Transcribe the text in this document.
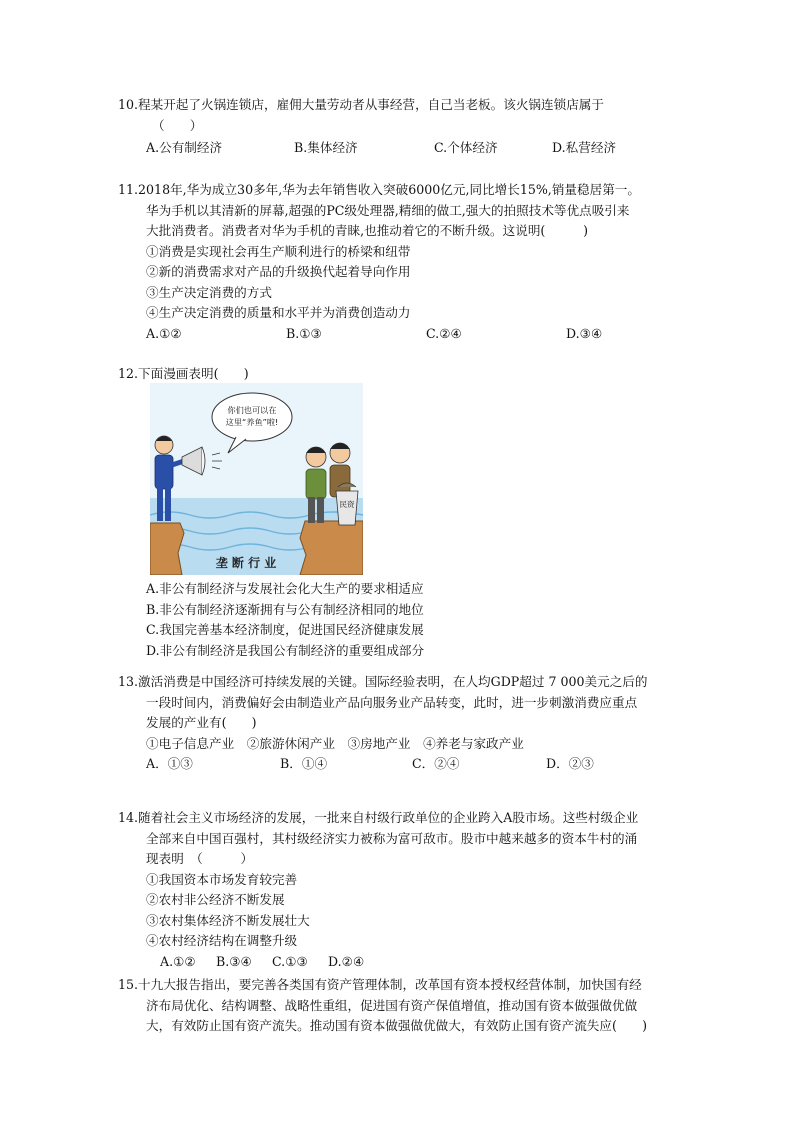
10.程某开起了火锅连锁店，雇佣大量劳动者从事经营，自己当老板。该火锅连锁店属于

（　　）

A.公有制经济	B.集体经济	C.个体经济	D.私营经济

11.2018年,华为成立30多年,华为去年销售收入突破6000亿元,同比增长15%,销量稳居第一。

华为手机以其清新的屏幕,超强的PC级处理器,精细的做工,强大的拍照技术等优点吸引来

大批消费者。消费者对华为手机的青睐,也推动着它的不断升级。这说明(　　　)

①消费是实现社会再生产顺利进行的桥梁和纽带

②新的消费需求对产品的升级换代起着导向作用

③生产决定消费的方式

④生产决定消费的质量和水平并为消费创造动力

A.①②	B.①③	C.②④	D.③④

12.下面漫画表明(　　)

你们也可以在
这里“养鱼”啦!
民资
垄 断 行 业

A.非公有制经济与发展社会化大生产的要求相适应

B.非公有制经济逐渐拥有与公有制经济相同的地位

C.我国完善基本经济制度，促进国民经济健康发展

D.非公有制经济是我国公有制经济的重要组成部分

13.激活消费是中国经济可持续发展的关键。国际经验表明，在人均GDP超过 7 000美元之后的

一段时间内，消费偏好会由制造业产品向服务业产品转变，此时，进一步刺激消费应重点

发展的产业有(　　)

①电子信息产业　②旅游休闲产业　③房地产业　④养老与家政产业

A．①③	B．①④	C．②④	D．②③

14.随着社会主义市场经济的发展，一批来自村级行政单位的企业跨入A股市场。这些村级企业

全部来自中国百强村，其村级经济实力被称为富可敌市。股市中越来越多的资本牛村的涌

现表明　（　　　）

①我国资本市场发育较完善

②农村非公经济不断发展

③农村集体经济不断发展壮大

④农村经济结构在调整升级

A.①② B.③④ C.①③ D.②④

15.十九大报告指出，要完善各类国有资产管理体制，改革国有资本授权经营体制，加快国有经

济布局优化、结构调整、战略性重组，促进国有资产保值增值，推动国有资本做强做优做

大，有效防止国有资产流失。推动国有资本做强做优做大，有效防止国有资产流失应(　　)
